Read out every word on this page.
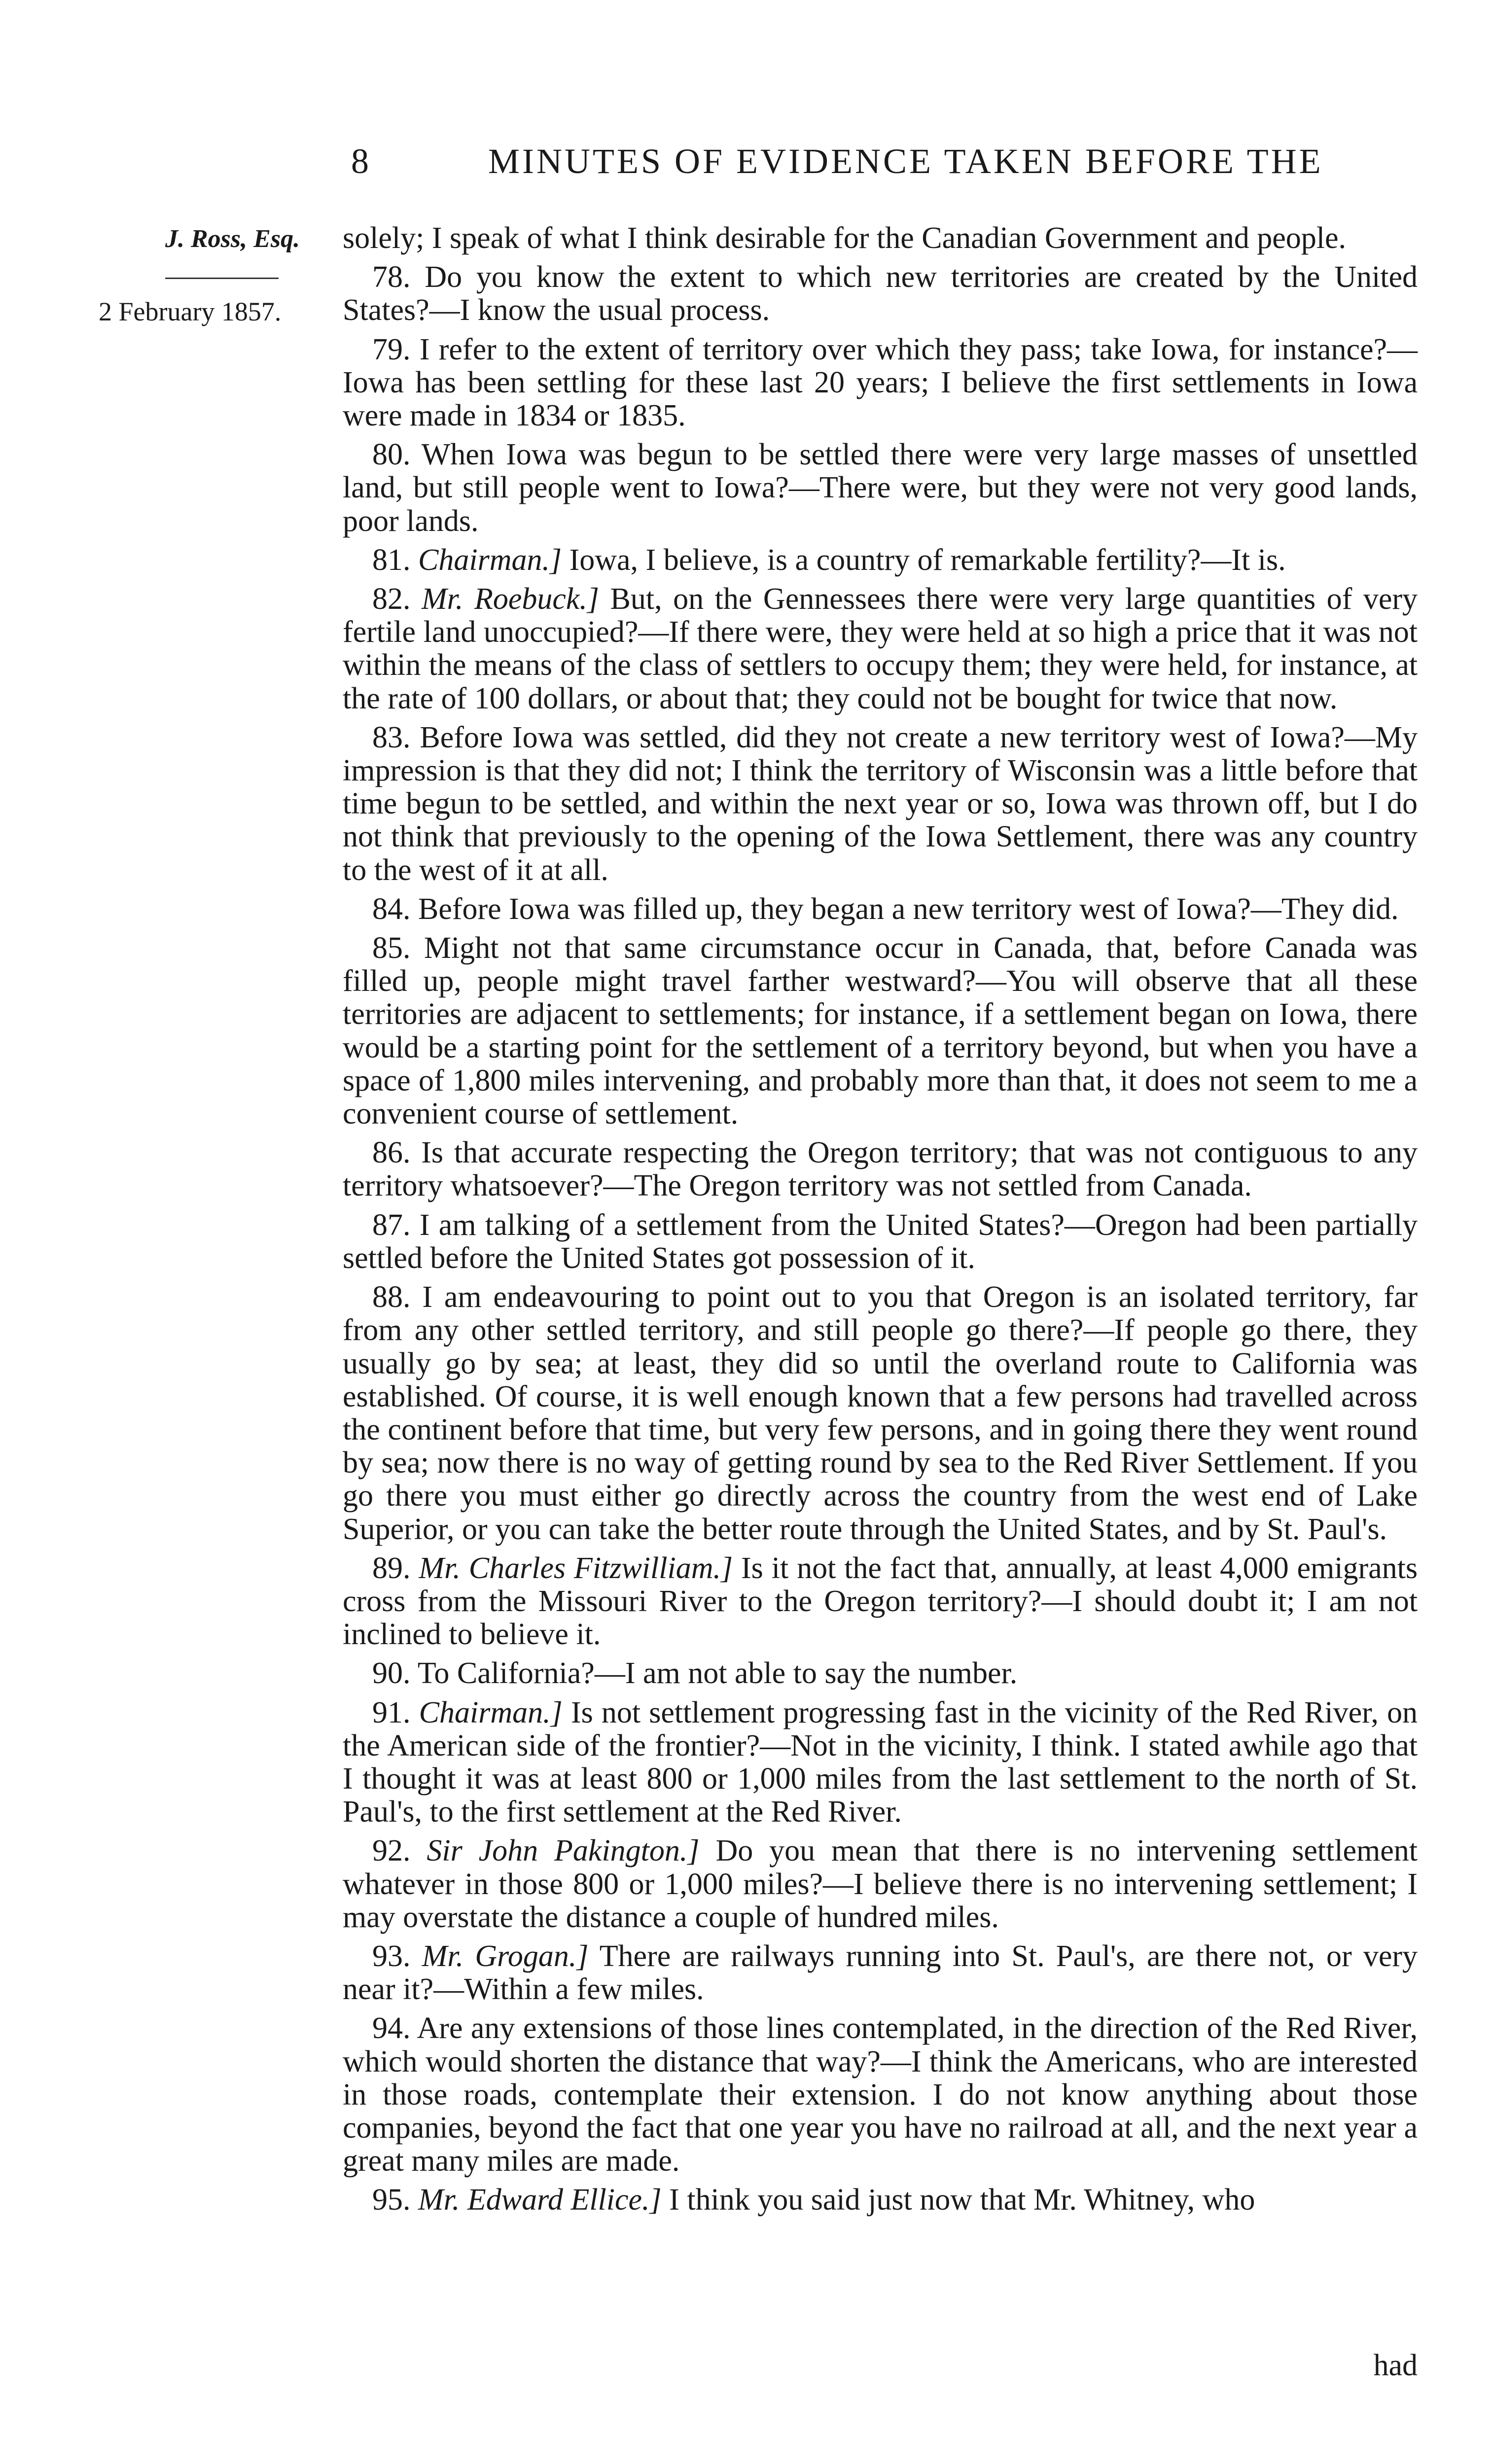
8	MINUTES OF EVIDENCE TAKEN BEFORE THE
J. Ross, Esq.
2 February 1857.

solely; I speak of what I think desirable for the Canadian Government and people.

78. Do you know the extent to which new territories are created by the United States?—I know the usual process.

79. I refer to the extent of territory over which they pass; take Iowa, for instance?—Iowa has been settling for these last 20 years; I believe the first settlements in Iowa were made in 1834 or 1835.

80. When Iowa was begun to be settled there were very large masses of unsettled land, but still people went to Iowa?—There were, but they were not very good lands, poor lands.

81. Chairman.] Iowa, I believe, is a country of remarkable fertility?—It is.

82. Mr. Roebuck.] But, on the Gennessees there were very large quantities of very fertile land unoccupied?—If there were, they were held at so high a price that it was not within the means of the class of settlers to occupy them; they were held, for instance, at the rate of 100 dollars, or about that; they could not be bought for twice that now.

83. Before Iowa was settled, did they not create a new territory west of Iowa?—My impression is that they did not; I think the territory of Wisconsin was a little before that time begun to be settled, and within the next year or so, Iowa was thrown off, but I do not think that previously to the opening of the Iowa Settlement, there was any country to the west of it at all.

84. Before Iowa was filled up, they began a new territory west of Iowa?—They did.

85. Might not that same circumstance occur in Canada, that, before Canada was filled up, people might travel farther westward?—You will observe that all these territories are adjacent to settlements; for instance, if a settlement began on Iowa, there would be a starting point for the settlement of a territory beyond, but when you have a space of 1,800 miles intervening, and probably more than that, it does not seem to me a convenient course of settlement.

86. Is that accurate respecting the Oregon territory; that was not contiguous to any territory whatsoever?—The Oregon territory was not settled from Canada.

87. I am talking of a settlement from the United States?—Oregon had been partially settled before the United States got possession of it.

88. I am endeavouring to point out to you that Oregon is an isolated territory, far from any other settled territory, and still people go there?—If people go there, they usually go by sea; at least, they did so until the overland route to California was established. Of course, it is well enough known that a few persons had travelled across the continent before that time, but very few persons, and in going there they went round by sea; now there is no way of getting round by sea to the Red River Settlement. If you go there you must either go directly across the country from the west end of Lake Superior, or you can take the better route through the United States, and by St. Paul's.

89. Mr. Charles Fitzwilliam.] Is it not the fact that, annually, at least 4,000 emigrants cross from the Missouri River to the Oregon territory?—I should doubt it; I am not inclined to believe it.

90. To California?—I am not able to say the number.

91. Chairman.] Is not settlement progressing fast in the vicinity of the Red River, on the American side of the frontier?—Not in the vicinity, I think. I stated awhile ago that I thought it was at least 800 or 1,000 miles from the last settlement to the north of St. Paul's, to the first settlement at the Red River.

92. Sir John Pakington.] Do you mean that there is no intervening settlement whatever in those 800 or 1,000 miles?—I believe there is no intervening settlement; I may overstate the distance a couple of hundred miles.

93. Mr. Grogan.] There are railways running into St. Paul's, are there not, or very near it?—Within a few miles.

94. Are any extensions of those lines contemplated, in the direction of the Red River, which would shorten the distance that way?—I think the Americans, who are interested in those roads, contemplate their extension. I do not know anything about those companies, beyond the fact that one year you have no railroad at all, and the next year a great many miles are made.

95. Mr. Edward Ellice.] I think you said just now that Mr. Whitney, who

had
